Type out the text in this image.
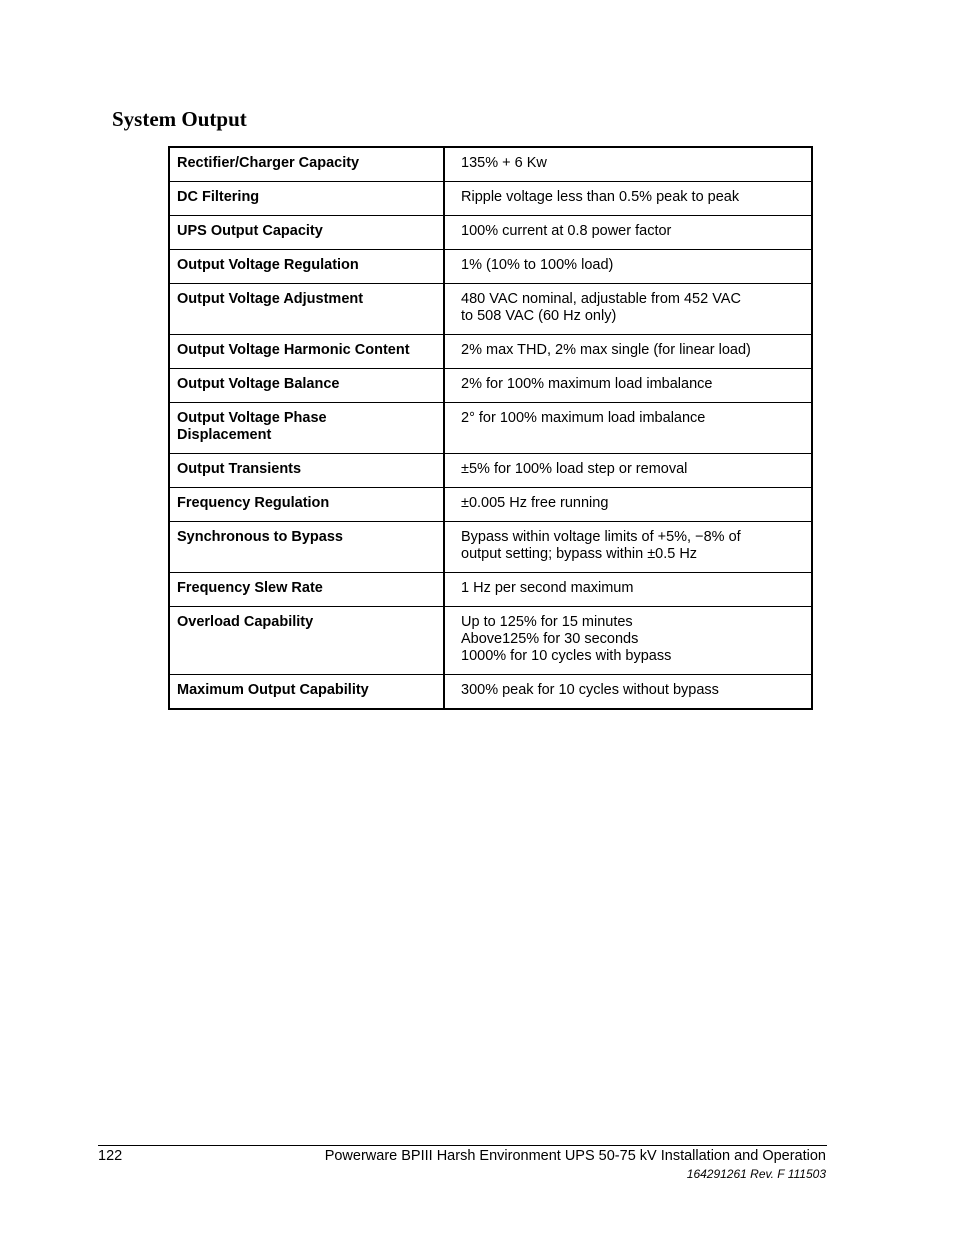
System Output
Rectifier/Charger Capacity	135% + 6 Kw
DC Filtering	Ripple voltage less than 0.5% peak to peak
UPS Output Capacity	100% current at 0.8 power factor
Output Voltage Regulation	1% (10% to 100% load)
Output Voltage Adjustment	480 VAC nominal, adjustable from 452 VAC
to 508 VAC (60 Hz only)
Output Voltage Harmonic Content	2% max THD, 2% max single (for linear load)
Output Voltage Balance	2% for 100% maximum load imbalance
Output Voltage Phase
Displacement	2° for 100% maximum load imbalance
Output Transients	±5% for 100% load step or removal
Frequency Regulation	±0.005 Hz free running
Synchronous to Bypass	Bypass within voltage limits of +5%, −8% of
output setting; bypass within ±0.5 Hz
Frequency Slew Rate	1 Hz per second maximum
Overload Capability	Up to 125% for 15 minutes
Above125% for 30 seconds
1000% for 10 cycles with bypass
Maximum Output Capability	300% peak for 10 cycles without bypass
122	Powerware BPIII Harsh Environment UPS 50-75 kV Installation and Operation
164291261 Rev. F 111503
